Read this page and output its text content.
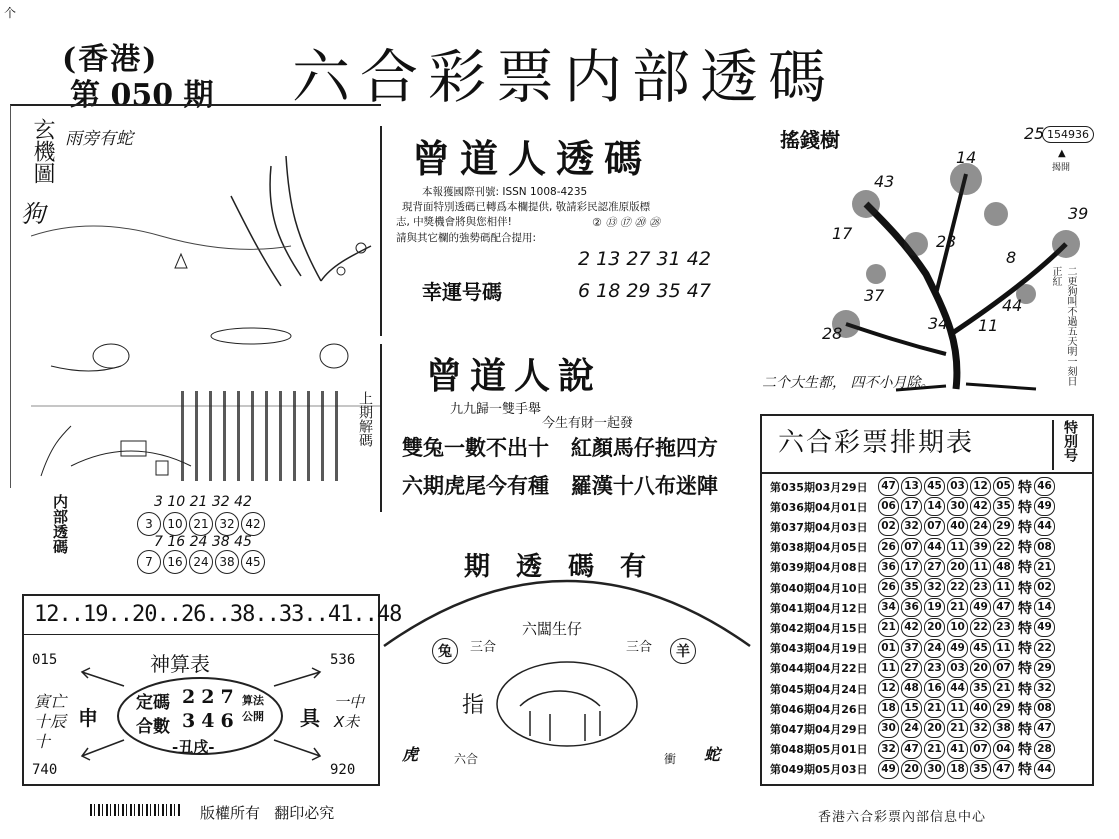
个
(香港)
第 050 期 六合彩票内部透碼
玄機圖
狗
雨旁有蛇
上期解碼
内部透碼	3 10 21 32 42
3 10 21 32 42
7 16 24 38 45
7 16 24 38 45
曾道人透碼
本報獲國際刊號: ISSN 1008-4235
現背面特別透碼已轉爲本欄提供, 敬請彩民認准原版標
志, 中獎機會將與您相伴!
請與其它欄的強勢碼配合提用:
② ⑬ ⑰ ⑳ ㉘
2 13 27 31 42
幸運号碼	6 18 29 35 47
曾道人說
九九歸一雙手舉
今生有財一起發
雙兔一數不出十   紅顏馬仔拖四方
六期虎尾今有種   羅漢十八布迷陣
搖錢樹	154936
▲
揭開
25
14
43
39
17	23
8
37
44
28
34 11	二更狗叫不過五天明一刻日正紅
二个大生都， 四不小月除。
六合彩票排期表	特別号
第035期03月29日	47 13 45 03 12 05 特 46
第036期04月01日	06 17 14 30 42 35 特 49
第037期04月03日	02 32 07 40 24 29 特 44
第038期04月05日	26 07 44 11 39 22 特 08
第039期04月08日	36 17 27 20 11 48 特 21
第040期04月10日	26 35 32 22 23 11 特 02
第041期04月12日	34 36 19 21 49 47 特 14
第042期04月15日	21 42 20 10 22 23 特 49
第043期04月19日	01 37 24 49 45 11 特 22
第044期04月22日	11 27 23 03 20 07 特 29
第045期04月24日	12 48 16 44 35 21 特 32
第046期04月26日	18 15 21 11 40 29 特 08
第047期04月29日	30 24 20 21 32 38 特 47
第048期05月01日	32 47 21 41 07 04 特 28
第049期05月03日	49 20 30 18 35 47 特 44
12..19..20..26..38..33..41..48
神算表
015	536
740	920
寅亡十辰十
申	具
一中 X未
定碼 227
合數 346
算法
公開
-丑戌-
期透碼有
六闆生仔
兔	羊
三合	三合
指
虎	蛇
六合	衝
版權所有   翻印必究	香港六合彩票內部信息中心
